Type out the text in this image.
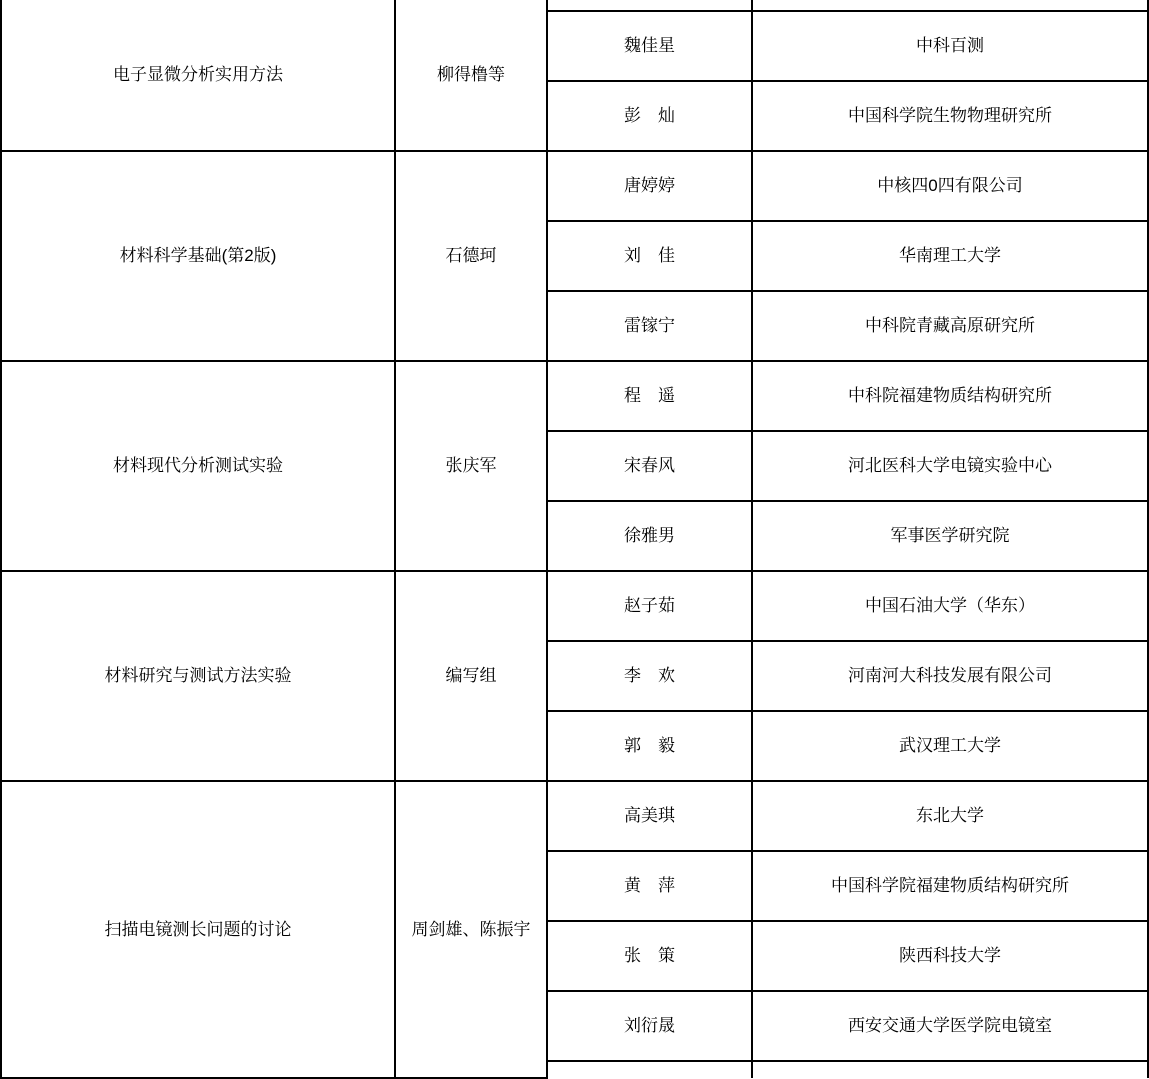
电子显微分析实用方法	柳得橹等		
		魏佳星	中科百测
		彭　灿	中国科学院生物物理研究所
材料科学基础(第2版)	石德珂	唐婷婷	中核四0四有限公司
		刘　佳	华南理工大学
		雷镓宁	中科院青藏高原研究所
材料现代分析测试实验	张庆军	程　遥	中科院福建物质结构研究所
		宋春风	河北医科大学电镜实验中心
		徐雅男	军事医学研究院
材料研究与测试方法实验	编写组	赵子茹	中国石油大学（华东）
		李　欢	河南河大科技发展有限公司
		郭　毅	武汉理工大学
扫描电镜测长问题的讨论	周剑雄、陈振宇	高美琪	东北大学
		黄　萍	中国科学院福建物质结构研究所
		张　策	陕西科技大学
		刘衍晟	西安交通大学医学院电镜室
